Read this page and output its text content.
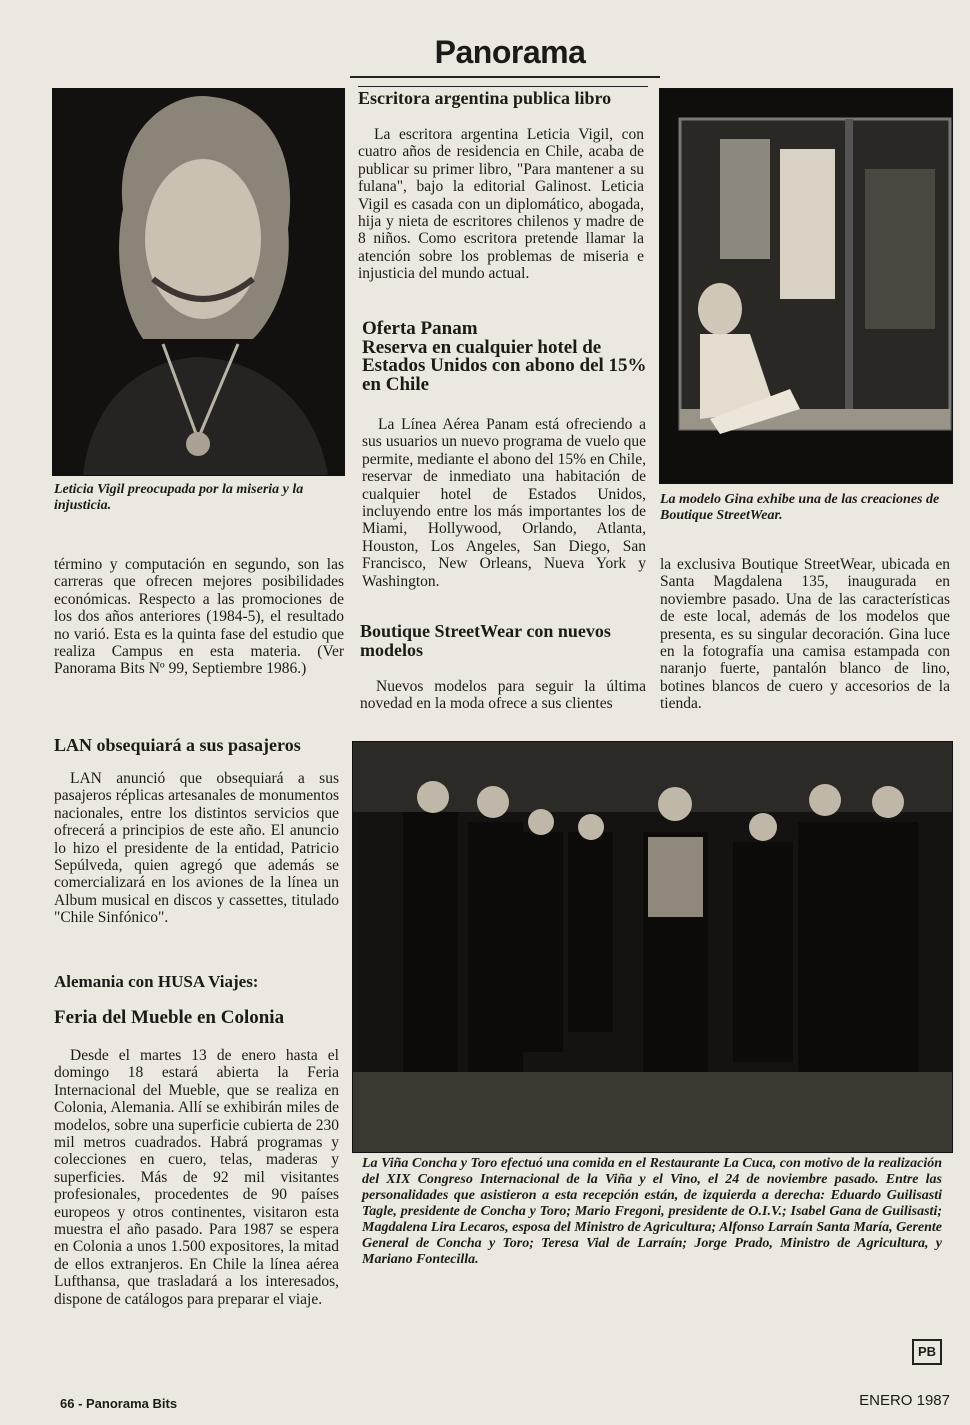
Panorama
Leticia Vigil preocupada por la miseria y la injusticia.

término y computación en segundo, son las carreras que ofrecen mejores posibilidades económicas. Respecto a las promociones de los dos años anteriores (1984-5), el resultado no varió. Esta es la quinta fase del estudio que realiza Campus en esta materia. (Ver Panorama Bits Nº 99, Septiembre 1986.)

LAN obsequiará a sus pasajeros

LAN anunció que obsequiará a sus pasajeros réplicas artesanales de monumentos nacionales, entre los distintos servicios que ofrecerá a principios de este año. El anuncio lo hizo el presidente de la entidad, Patricio Sepúlveda, quien agregó que además se comercializará en los aviones de la línea un Album musical en discos y cassettes, titulado "Chile Sinfónico".

Alemania con HUSA Viajes:
Feria del Mueble en Colonia

Desde el martes 13 de enero hasta el domingo 18 estará abierta la Feria Internacional del Mueble, que se realiza en Colonia, Alemania. Allí se exhibirán miles de modelos, sobre una superficie cubierta de 230 mil metros cuadrados. Habrá programas y colecciones en cuero, telas, maderas y superficies. Más de 92 mil visitantes profesionales, procedentes de 90 países europeos y otros continentes, visitaron esta muestra el año pasado. Para 1987 se espera en Colonia a unos 1.500 expositores, la mitad de ellos extranjeros. En Chile la línea aérea Lufthansa, que trasladará a los interesados, dispone de catálogos para preparar el viaje.

Escritora argentina publica libro

La escritora argentina Leticia Vigil, con cuatro años de residencia en Chile, acaba de publicar su primer libro, "Para mantener a su fulana", bajo la editorial Galinost. Leticia Vigil es casada con un diplomático, abogada, hija y nieta de escritores chilenos y madre de 8 niños. Como escritora pretende llamar la atención sobre los problemas de miseria e injusticia del mundo actual.

Oferta Panam
Reserva en cualquier hotel de Estados Unidos con abono del 15% en Chile

La Línea Aérea Panam está ofreciendo a sus usuarios un nuevo programa de vuelo que permite, mediante el abono del 15% en Chile, reservar de inmediato una habitación de cualquier hotel de Estados Unidos, incluyendo entre los más importantes los de Miami, Hollywood, Orlando, Atlanta, Houston, Los Angeles, San Diego, San Francisco, New Orleans, Nueva York y Washington.

Boutique StreetWear con nuevos modelos

Nuevos modelos para seguir la última novedad en la moda ofrece a sus clientes

La modelo Gina exhibe una de las creaciones de Boutique StreetWear.

la exclusiva Boutique StreetWear, ubicada en Santa Magdalena 135, inaugurada en noviembre pasado. Una de las características de este local, además de los modelos que presenta, es su singular decoración. Gina luce en la fotografía una camisa estampada con naranjo fuerte, pantalón blanco de lino, botines blancos de cuero y accesorios de la tienda.

La Viña Concha y Toro efectuó una comida en el Restaurante La Cuca, con motivo de la realización del XIX Congreso Internacional de la Viña y el Vino, el 24 de noviembre pasado. Entre las personalidades que asistieron a esta recepción están, de izquierda a derecha: Eduardo Guilisasti Tagle, presidente de Concha y Toro; Mario Fregoni, presidente de O.I.V.; Isabel Gana de Guilisasti; Magdalena Lira Lecaros, esposa del Ministro de Agricultura; Alfonso Larraín Santa María, Gerente General de Concha y Toro; Teresa Vial de Larraín; Jorge Prado, Ministro de Agricultura, y Mariano Fontecilla.
PB
66 - Panorama Bits	ENERO 1987
